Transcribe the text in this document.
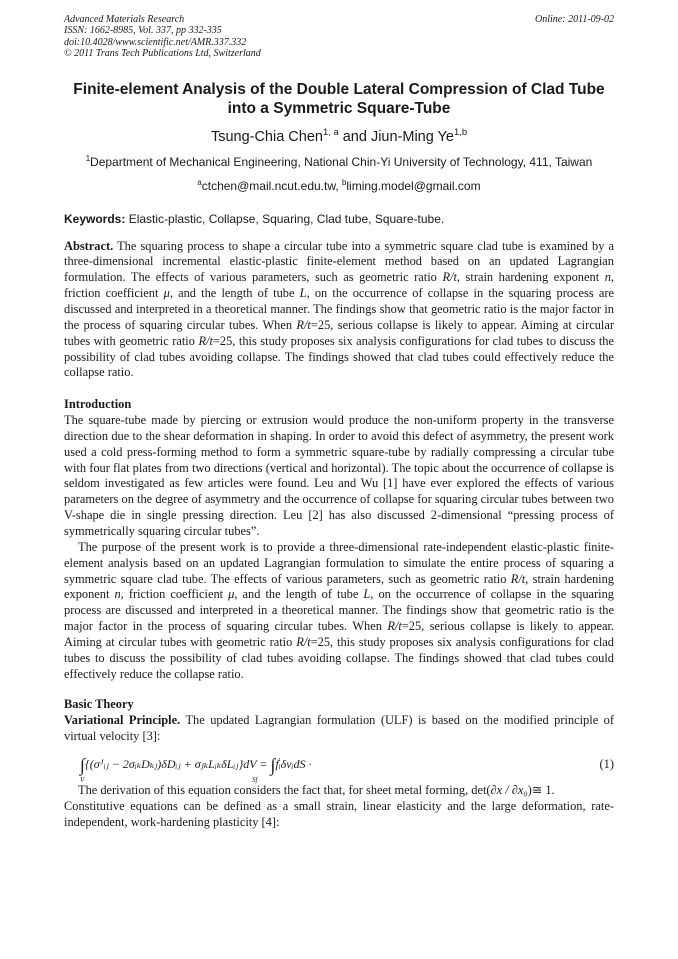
Advanced Materials Research
ISSN: 1662-8985, Vol. 337, pp 332-335
doi:10.4028/www.scientific.net/AMR.337.332
© 2011 Trans Tech Publications Ltd, Switzerland
Online: 2011-09-02
Finite-element Analysis of the Double Lateral Compression of Clad Tube
into a Symmetric Square-Tube
Tsung-Chia Chen$^{1, a}$ and Jiun-Ming Ye$^{1,b}$
$^1$Department of Mechanical Engineering, National Chin-Yi University of Technology, 411, Taiwan
$^a$ctchen@mail.ncut.edu.tw, $^b$liming.model@gmail.com
Keywords: Elastic-plastic, Collapse, Squaring, Clad tube, Square-tube.
Abstract. The squaring process to shape a circular tube into a symmetric square clad tube is examined by a three-dimensional incremental elastic-plastic finite-element method based on an updated Lagrangian formulation. The effects of various parameters, such as geometric ratio R/t, strain hardening exponent n, friction coefficient μ, and the length of tube L, on the occurrence of collapse in the squaring process are discussed and interpreted in a theoretical manner. The findings show that geometric ratio is the major factor in the process of squaring circular tubes. When R/t=25, serious collapse is likely to appear. Aiming at circular tubes with geometric ratio R/t=25, this study proposes six analysis configurations for clad tubes to discuss the possibility of clad tubes avoiding collapse. The findings showed that clad tubes could effectively reduce the collapse ratio.
Introduction
The square-tube made by piercing or extrusion would produce the non-uniform property in the transverse direction due to the shear deformation in shaping. In order to avoid this defect of asymmetry, the present work used a cold press-forming method to form a symmetric square-tube by radially compressing a circular tube with four flat plates from two directions (vertical and horizontal). The topic about the occurrence of collapse is seldom investigated as few articles were found. Leu and Wu [1] have ever explored the effects of various parameters on the degree of asymmetry and the occurrence of collapse for squaring circular tubes between two V-shape die in single pressing direction. Leu [2] has also discussed 2-dimensional “pressing process of symmetrically squaring circular tubes”.
The purpose of the present work is to provide a three-dimensional rate-independent elastic-plastic finite-element analysis based on an updated Lagrangian formulation to simulate the entire process of squaring a symmetric square clad tube. The effects of various parameters, such as geometric ratio R/t, strain hardening exponent n, friction coefficient μ, and the length of tube L, on the occurrence of collapse in the squaring process are discussed and interpreted in a theoretical manner. The findings show that geometric ratio is the major factor in the process of squaring circular tubes. When R/t=25, serious collapse is likely to appear. Aiming at circular tubes with geometric ratio R/t=25, this study proposes six analysis configurations for clad tubes to discuss the possibility of clad tubes avoiding collapse. The findings showed that clad tubes could effectively reduce the collapse ratio.
Basic Theory
Variational Principle. The updated Lagrangian formulation (ULF) is based on the modified principle of virtual velocity [3]:
∫{(σ̇ᴶᵢⱼ − 2σᵢₖDₖⱼ)δDᵢⱼ + σⱼₖLᵢₖδLᵢⱼ}dV = ∫ḟᵢδvᵢdS ·
V	Sf
(1)
The derivation of this equation considers the fact that, for sheet metal forming, det(∂x / ∂x₀)≅ 1.
Constitutive equations can be defined as a small strain, linear elasticity and the large deformation, rate-independent, work-hardening plasticity [4]:
